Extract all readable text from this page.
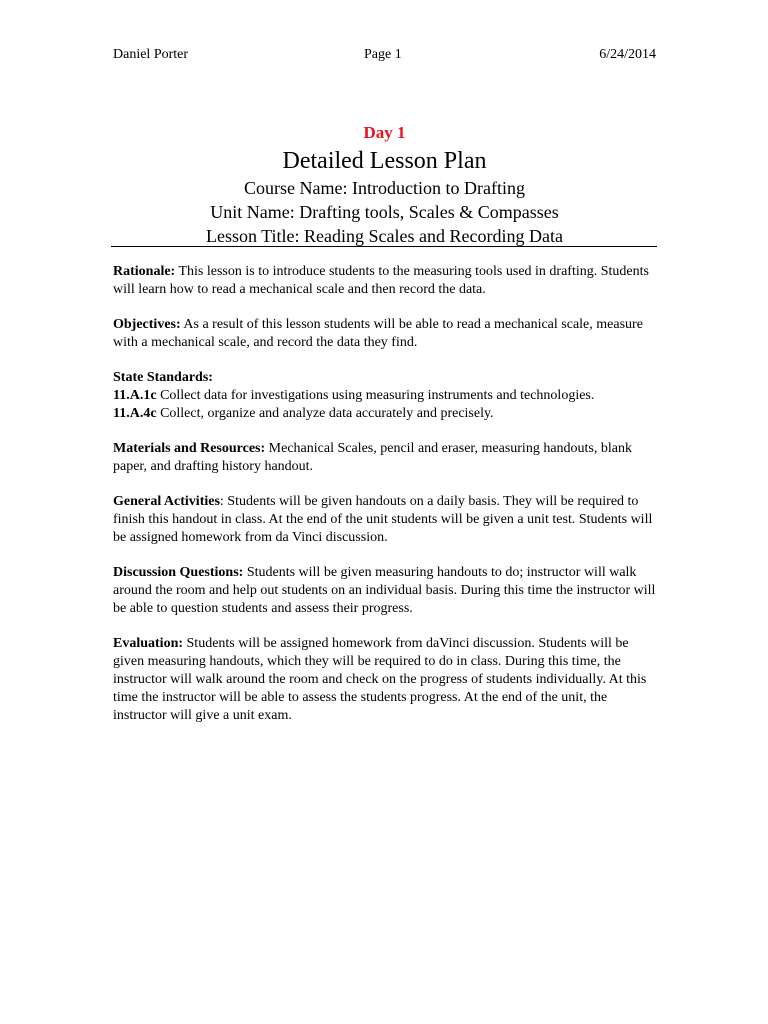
Daniel Porter	Page 1	6/24/2014
Day 1
Detailed Lesson Plan
Course Name: Introduction to Drafting
Unit Name: Drafting tools, Scales & Compasses
Lesson Title: Reading Scales and Recording Data

Rationale: This lesson is to introduce students to the measuring tools used in drafting. Students will learn how to read a mechanical scale and then record the data.

Objectives: As a result of this lesson students will be able to read a mechanical scale, measure with a mechanical scale, and record the data they find.

State Standards:
11.A.1c Collect data for investigations using measuring instruments and technologies.
11.A.4c Collect, organize and analyze data accurately and precisely.

Materials and Resources: Mechanical Scales, pencil and eraser, measuring handouts, blank paper, and drafting history handout.

General Activities: Students will be given handouts on a daily basis. They will be required to finish this handout in class. At the end of the unit students will be given a unit test. Students will be assigned homework from da Vinci discussion.

Discussion Questions: Students will be given measuring handouts to do; instructor will walk around the room and help out students on an individual basis. During this time the instructor will be able to question students and assess their progress.

Evaluation: Students will be assigned homework from daVinci discussion. Students will be given measuring handouts, which they will be required to do in class. During this time, the instructor will walk around the room and check on the progress of students individually. At this time the instructor will be able to assess the students progress. At the end of the unit, the instructor will give a unit exam.
